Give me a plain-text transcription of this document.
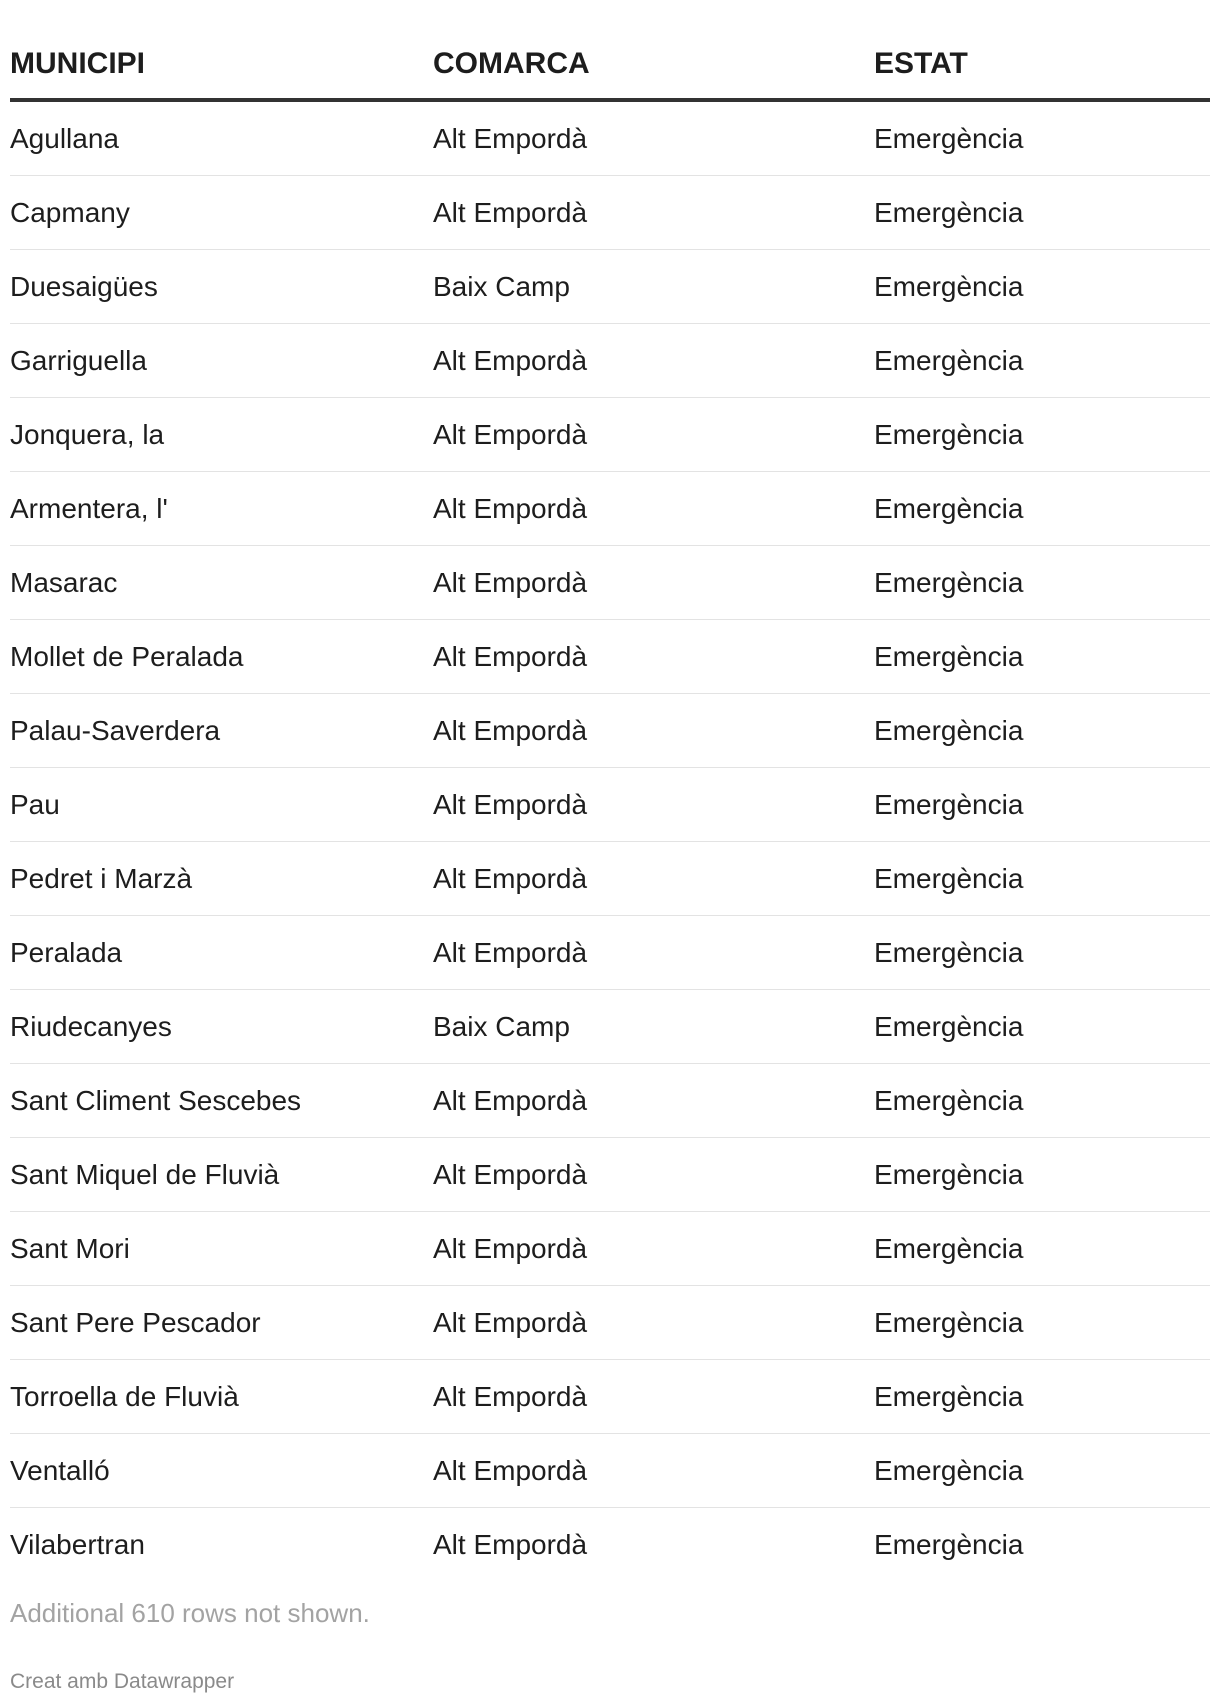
MUNICIPI	COMARCA	ESTAT
Agullana	Alt Empordà	Emergència
Capmany	Alt Empordà	Emergència
Duesaigües	Baix Camp	Emergència
Garriguella	Alt Empordà	Emergència
Jonquera, la	Alt Empordà	Emergència
Armentera, l'	Alt Empordà	Emergència
Masarac	Alt Empordà	Emergència
Mollet de Peralada	Alt Empordà	Emergència
Palau-Saverdera	Alt Empordà	Emergència
Pau	Alt Empordà	Emergència
Pedret i Marzà	Alt Empordà	Emergència
Peralada	Alt Empordà	Emergència
Riudecanyes	Baix Camp	Emergència
Sant Climent Sescebes	Alt Empordà	Emergència
Sant Miquel de Fluvià	Alt Empordà	Emergència
Sant Mori	Alt Empordà	Emergència
Sant Pere Pescador	Alt Empordà	Emergència
Torroella de Fluvià	Alt Empordà	Emergència
Ventalló	Alt Empordà	Emergència
Vilabertran	Alt Empordà	Emergència

Additional 610 rows not shown.

Creat amb Datawrapper
